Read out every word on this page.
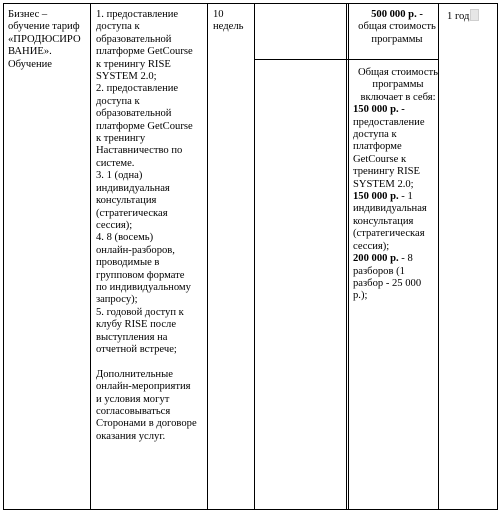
Бизнес –

обучение тариф

«ПРОДЮСИРО

ВАНИЕ».

Обучение

1. предоставление

доступа к

образовательной

платформе GetCourse

к тренингу RISE

SYSTEM 2.0;

2. предоставление

доступа к

образовательной

платформе GetCourse

к тренингу

Наставничество по

системе.

3. 1 (одна)

индивидуальная

консультация

(стратегическая

сессия);

4. 8 (восемь)

онлайн-разборов,

проводимые в

групповом формате

по индивидуальному

запросу);

5. годовой доступ к

клубу RISE после

выступления на

отчетной встрече;

Дополнительные

онлайн-мероприятия

и условия могут

согласовываться

Сторонами в договоре

оказания услуг.

10

недель

500 000 р. -

общая стоимость

программы

Общая стоимость

программы

включает в себя:

150 000 р. -

предоставление

доступа к

платформе

GetCourse к

тренингу RISE

SYSTEM 2.0;

150 000 р. - 1

индивидуальная

консультация

(стратегическая

сессия);

200 000 р. - 8

разборов (1

разбор - 25 000

р.);

1 год
